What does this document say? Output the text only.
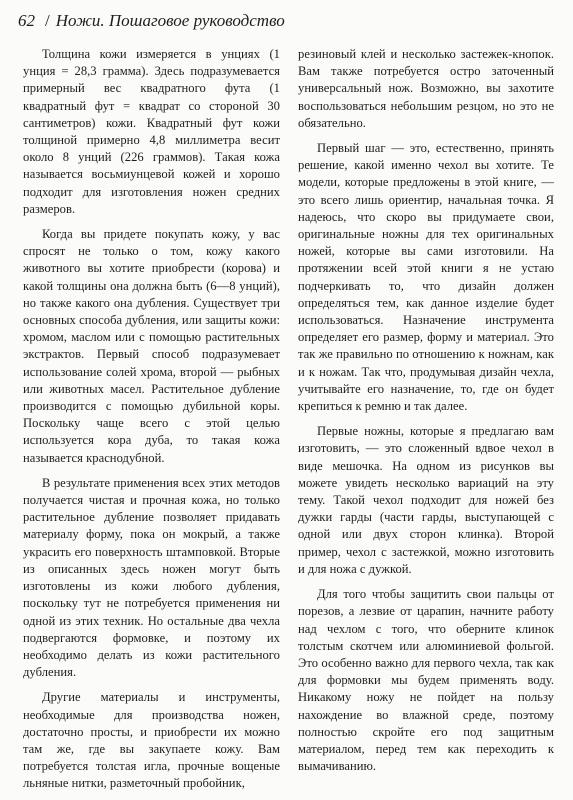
62 / Ножи. Пошаговое руководство

Толщина кожи измеряется в унциях (1 унция = 28,3 грамма). Здесь подразумевается примерный вес квадратного фута (1 квадратный фут = квадрат со стороной 30 сантиметров) кожи. Квадратный фут кожи толщиной примерно 4,8 миллиметра весит около 8 унций (226 граммов). Такая кожа называется восьмиунцевой кожей и хорошо подходит для изготовления ножен средних размеров.

Когда вы придете покупать кожу, у вас спросят не только о том, кожу какого животного вы хотите приобрести (корова) и какой толщины она должна быть (6—8 унций), но также какого она дубления. Существует три основных способа дубления, или защиты кожи: хромом, маслом или с помощью растительных экстрактов. Первый способ подразумевает использование солей хрома, второй — рыбных или животных масел. Растительное дубление производится с помощью дубильной коры. Поскольку чаще всего с этой целью используется кора дуба, то такая кожа называется краснодубной.

В результате применения всех этих методов получается чистая и прочная кожа, но только растительное дубление позволяет придавать материалу форму, пока он мокрый, а также украсить его поверхность штамповкой. Вторые из описанных здесь ножен могут быть изготовлены из кожи любого дубления, поскольку тут не потребуется применения ни одной из этих техник. Но остальные два чехла подвергаются формовке, и поэтому их необходимо делать из кожи растительного дубления.

Другие материалы и инструменты, необходимые для производства ножен, достаточно просты, и приобрести их можно там же, где вы закупаете кожу. Вам потребуется толстая игла, прочные вощеные льняные нитки, разметочный пробойник,

резиновый клей и несколько застежек-кнопок. Вам также потребуется остро заточенный универсальный нож. Возможно, вы захотите воспользоваться небольшим резцом, но это не обязательно.

Первый шаг — это, естественно, принять решение, какой именно чехол вы хотите. Те модели, которые предложены в этой книге, — это всего лишь ориентир, начальная точка. Я надеюсь, что скоро вы придумаете свои, оригинальные ножны для тех оригинальных ножей, которые вы сами изготовили. На протяжении всей этой книги я не устаю подчеркивать то, что дизайн должен определяться тем, как данное изделие будет использоваться. Назначение инструмента определяет его размер, форму и материал. Это так же правильно по отношению к ножнам, как и к ножам. Так что, продумывая дизайн чехла, учитывайте его назначение, то, где он будет крепиться к ремню и так далее.

Первые ножны, которые я предлагаю вам изготовить, — это сложенный вдвое чехол в виде мешочка. На одном из рисунков вы можете увидеть несколько вариаций на эту тему. Такой чехол подходит для ножей без дужки гарды (части гарды, выступающей с одной или двух сторон клинка). Второй пример, чехол с застежкой, можно изготовить и для ножа с дужкой.

Для того чтобы защитить свои пальцы от порезов, а лезвие от царапин, начните работу над чехлом с того, что оберните клинок толстым скотчем или алюминиевой фольгой. Это особенно важно для первого чехла, так как для формовки мы будем применять воду. Никакому ножу не пойдет на пользу нахождение во влажной среде, поэтому полностью скройте его под защитным материалом, перед тем как переходить к вымачиванию.
